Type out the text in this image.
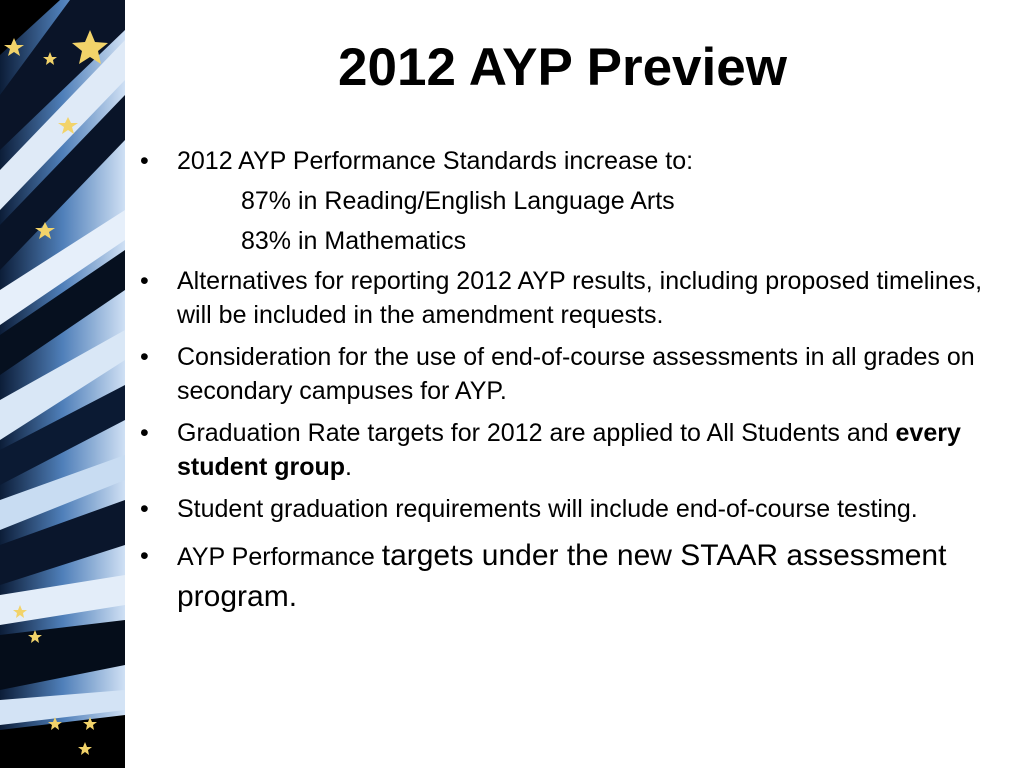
2012 AYP Preview
• 2012 AYP Performance Standards increase to:
87% in Reading/English Language Arts
83% in Mathematics
• Alternatives for reporting 2012 AYP results, including proposed timelines, will be included in the amendment requests.
• Consideration for the use of end-of-course assessments in all grades on secondary campuses for AYP.
• Graduation Rate targets for 2012 are applied to All Students and every student group.
• Student graduation requirements will include end-of-course testing.
• AYP Performance targets under the new STAAR assessment program.
